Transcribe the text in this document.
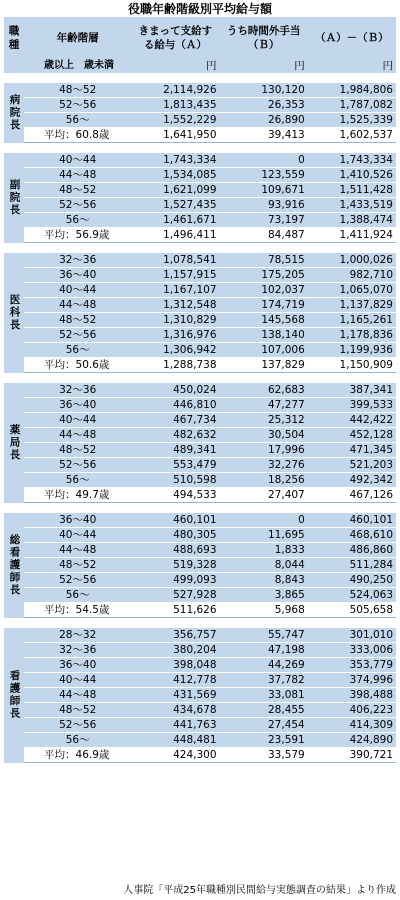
役職年齢階級別平均給与額
職種	年齢階層	きまって支給する給与（Ａ）	うち時間外手当（Ｂ）	（Ａ）－（Ｂ）
	歳以上　歳未満	円	円	円

病院長	48～52	2,114,926	130,120	1,984,806
	52～56	1,813,435	26,353	1,787,082
	56～	1,552,229	26,890	1,525,339
	平均：60.8歳	1,641,950	39,413	1,602,537

副院長	40～44	1,743,334	0	1,743,334
	44～48	1,534,085	123,559	1,410,526
	48～52	1,621,099	109,671	1,511,428
	52～56	1,527,435	93,916	1,433,519
	56～	1,461,671	73,197	1,388,474
	平均：56.9歳	1,496,411	84,487	1,411,924

医科長	32～36	1,078,541	78,515	1,000,026
	36～40	1,157,915	175,205	982,710
	40～44	1,167,107	102,037	1,065,070
	44～48	1,312,548	174,719	1,137,829
	48～52	1,310,829	145,568	1,165,261
	52～56	1,316,976	138,140	1,178,836
	56～	1,306,942	107,006	1,199,936
	平均：50.6歳	1,288,738	137,829	1,150,909

薬局長	32～36	450,024	62,683	387,341
	36～40	446,810	47,277	399,533
	40～44	467,734	25,312	442,422
	44～48	482,632	30,504	452,128
	48～52	489,341	17,996	471,345
	52～56	553,479	32,276	521,203
	56～	510,598	18,256	492,342
	平均：49.7歳	494,533	27,407	467,126

総看護師長	36～40	460,101	0	460,101
	40～44	480,305	11,695	468,610
	44～48	488,693	1,833	486,860
	48～52	519,328	8,044	511,284
	52～56	499,093	8,843	490,250
	56～	527,928	3,865	524,063
	平均：54.5歳	511,626	5,968	505,658

看護師長	28～32	356,757	55,747	301,010
	32～36	380,204	47,198	333,006
	36～40	398,048	44,269	353,779
	40～44	412,778	37,782	374,996
	44～48	431,569	33,081	398,488
	48～52	434,678	28,455	406,223
	52～56	441,763	27,454	414,309
	56～	448,481	23,591	424,890
	平均：46.9歳	424,300	33,579	390,721
人事院「平成25年職種別民間給与実態調査の結果」より作成
